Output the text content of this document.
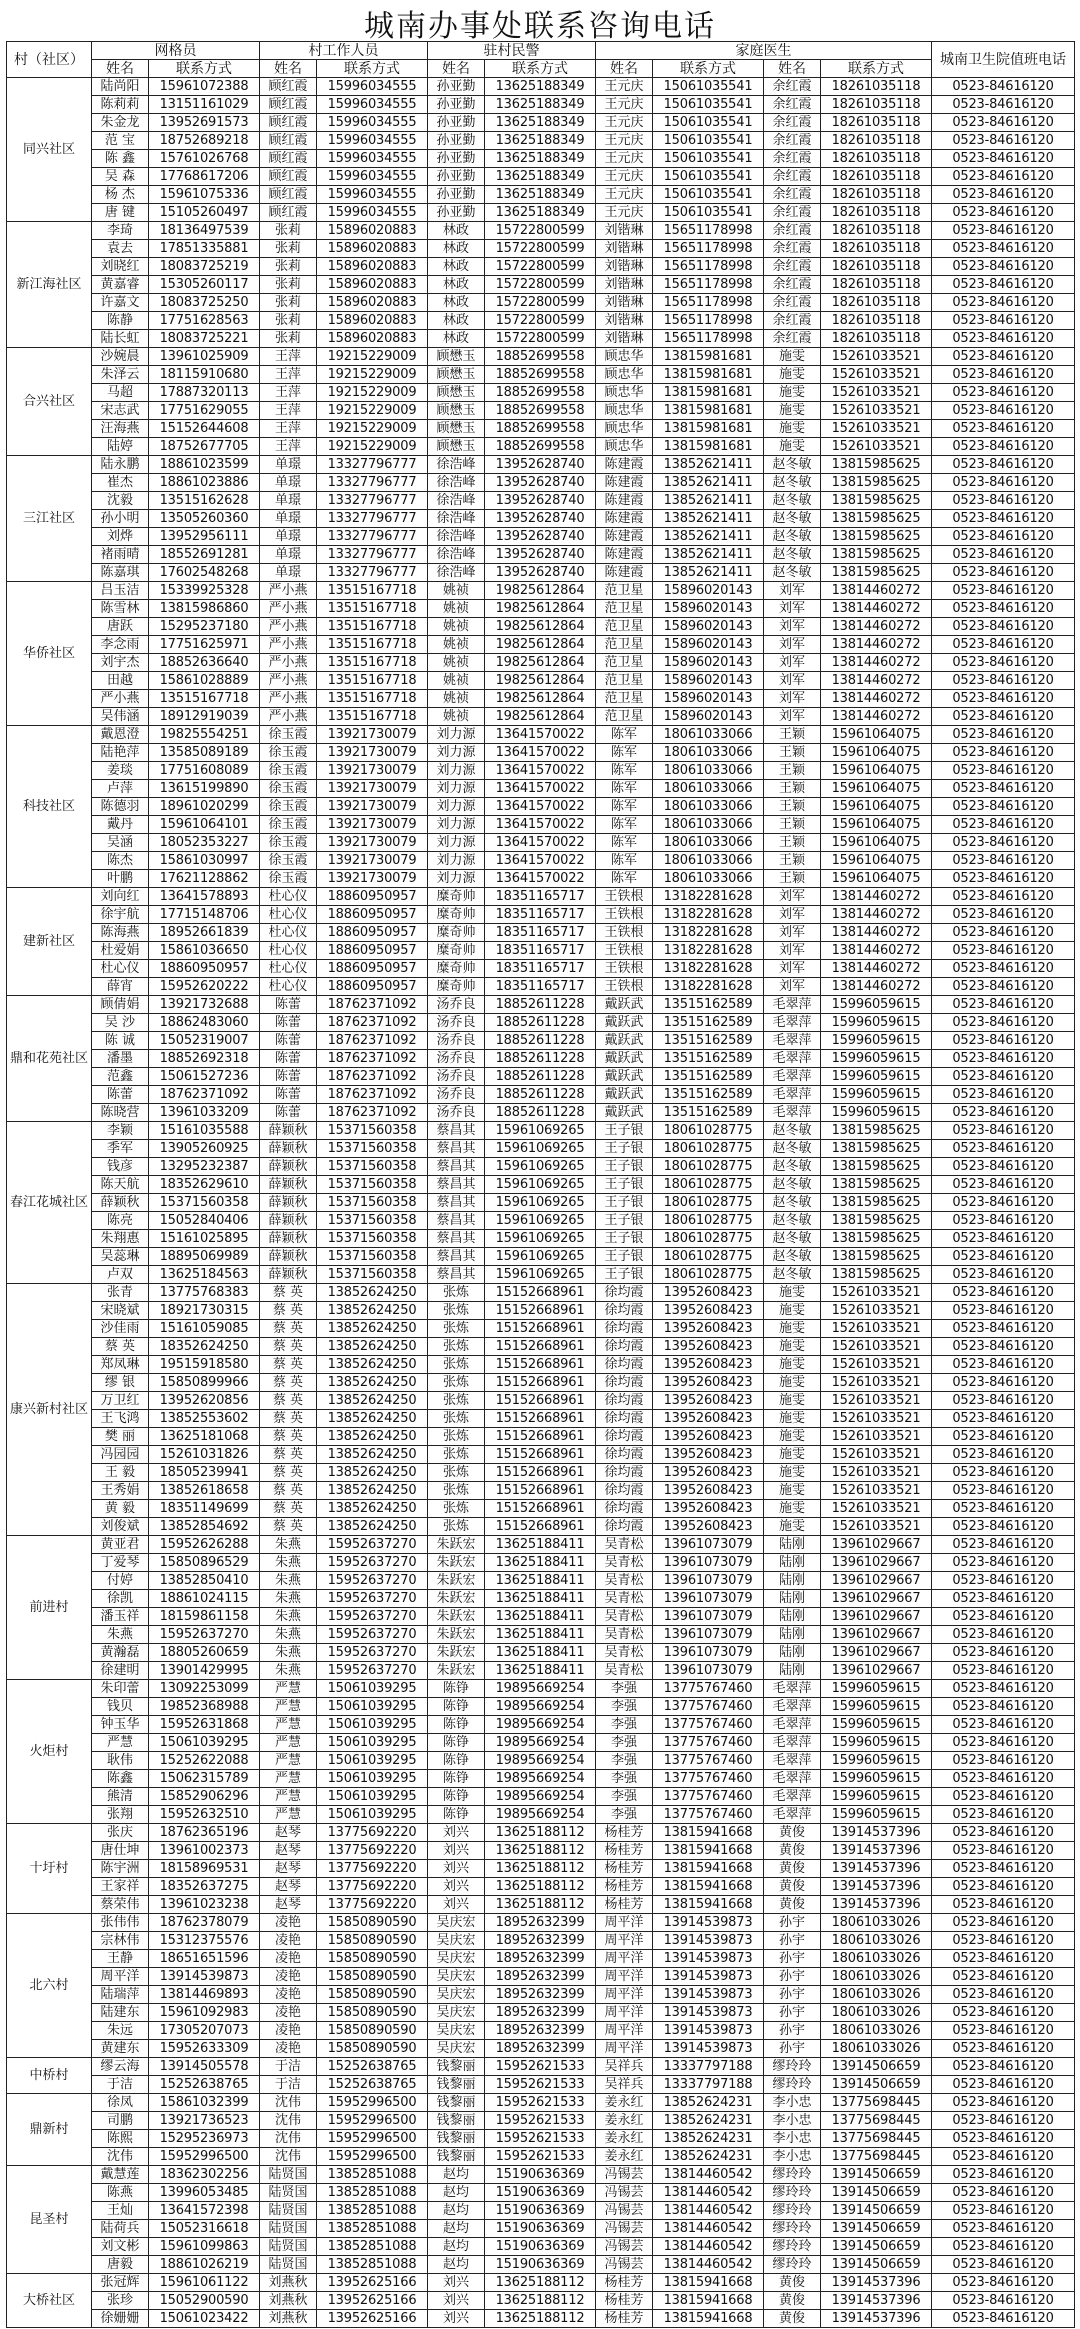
城南办事处联系咨询电话
村（社区）	网格员		村工作人员		驻村民警		家庭医生				城南卫生院值班电话
	姓名	联系方式	姓名	联系方式	姓名	联系方式	姓名	联系方式	姓名	联系方式	
同兴社区	陆尚阳	15961072388	顾红霞	15996034555	孙亚勤	13625188349	王元庆	15061035541	余红霞	18261035118	0523-84616120
	陈莉莉	13151161029	顾红霞	15996034555	孙亚勤	13625188349	王元庆	15061035541	余红霞	18261035118	0523-84616120
	朱金龙	13952691573	顾红霞	15996034555	孙亚勤	13625188349	王元庆	15061035541	余红霞	18261035118	0523-84616120
	范 宝	18752689218	顾红霞	15996034555	孙亚勤	13625188349	王元庆	15061035541	余红霞	18261035118	0523-84616120
	陈 鑫	15761026768	顾红霞	15996034555	孙亚勤	13625188349	王元庆	15061035541	余红霞	18261035118	0523-84616120
	吴 森	17768617206	顾红霞	15996034555	孙亚勤	13625188349	王元庆	15061035541	余红霞	18261035118	0523-84616120
	杨 杰	15961075336	顾红霞	15996034555	孙亚勤	13625188349	王元庆	15061035541	余红霞	18261035118	0523-84616120
	唐 键	15105260497	顾红霞	15996034555	孙亚勤	13625188349	王元庆	15061035541	余红霞	18261035118	0523-84616120
新江海社区	李琦	18136497539	张莉	15896020883	林政	15722800599	刘锴琳	15651178998	余红霞	18261035118	0523-84616120
	袁去	17851335881	张莉	15896020883	林政	15722800599	刘锴琳	15651178998	余红霞	18261035118	0523-84616120
	刘晓红	18083725219	张莉	15896020883	林政	15722800599	刘锴琳	15651178998	余红霞	18261035118	0523-84616120
	黄嘉睿	15305260117	张莉	15896020883	林政	15722800599	刘锴琳	15651178998	余红霞	18261035118	0523-84616120
	许嘉文	18083725250	张莉	15896020883	林政	15722800599	刘锴琳	15651178998	余红霞	18261035118	0523-84616120
	陈静	17751628563	张莉	15896020883	林政	15722800599	刘锴琳	15651178998	余红霞	18261035118	0523-84616120
	陆长虹	18083725221	张莉	15896020883	林政	15722800599	刘锴琳	15651178998	余红霞	18261035118	0523-84616120
合兴社区	沙婉晨	13961025909	王萍	19215229009	顾懋玉	18852699558	顾忠华	13815981681	施雯	15261033521	0523-84616120
	朱泽云	18115910680	王萍	19215229009	顾懋玉	18852699558	顾忠华	13815981681	施雯	15261033521	0523-84616120
	马超	17887320113	王萍	19215229009	顾懋玉	18852699558	顾忠华	13815981681	施雯	15261033521	0523-84616120
	宋志武	17751629055	王萍	19215229009	顾懋玉	18852699558	顾忠华	13815981681	施雯	15261033521	0523-84616120
	汪海燕	15152644608	王萍	19215229009	顾懋玉	18852699558	顾忠华	13815981681	施雯	15261033521	0523-84616120
	陆婷	18752677705	王萍	19215229009	顾懋玉	18852699558	顾忠华	13815981681	施雯	15261033521	0523-84616120
三江社区	陆永鹏	18861023599	单璟	13327796777	徐浩峰	13952628740	陈建霞	13852621411	赵冬敏	13815985625	0523-84616120
	崔杰	18861023886	单璟	13327796777	徐浩峰	13952628740	陈建霞	13852621411	赵冬敏	13815985625	0523-84616120
	沈毅	13515162628	单璟	13327796777	徐浩峰	13952628740	陈建霞	13852621411	赵冬敏	13815985625	0523-84616120
	孙小明	13505260360	单璟	13327796777	徐浩峰	13952628740	陈建霞	13852621411	赵冬敏	13815985625	0523-84616120
	刘烨	13952956111	单璟	13327796777	徐浩峰	13952628740	陈建霞	13852621411	赵冬敏	13815985625	0523-84616120
	褚雨晴	18552691281	单璟	13327796777	徐浩峰	13952628740	陈建霞	13852621411	赵冬敏	13815985625	0523-84616120
	陈嘉琪	17602548268	单璟	13327796777	徐浩峰	13952628740	陈建霞	13852621411	赵冬敏	13815985625	0523-84616120
华侨社区	吕玉洁	15339925328	严小燕	13515167718	姚祯	19825612864	范卫星	15896020143	刘军	13814460272	0523-84616120
	陈雪林	13815986860	严小燕	13515167718	姚祯	19825612864	范卫星	15896020143	刘军	13814460272	0523-84616120
	唐跃	15295237180	严小燕	13515167718	姚祯	19825612864	范卫星	15896020143	刘军	13814460272	0523-84616120
	李念雨	17751625971	严小燕	13515167718	姚祯	19825612864	范卫星	15896020143	刘军	13814460272	0523-84616120
	刘宇杰	18852636640	严小燕	13515167718	姚祯	19825612864	范卫星	15896020143	刘军	13814460272	0523-84616120
	田越	15861028889	严小燕	13515167718	姚祯	19825612864	范卫星	15896020143	刘军	13814460272	0523-84616120
	严小燕	13515167718	严小燕	13515167718	姚祯	19825612864	范卫星	15896020143	刘军	13814460272	0523-84616120
	吴伟涵	18912919039	严小燕	13515167718	姚祯	19825612864	范卫星	15896020143	刘军	13814460272	0523-84616120
科技社区	戴恩澄	19825554251	徐玉霞	13921730079	刘力源	13641570022	陈军	18061033066	王颖	15961064075	0523-84616120
	陆艳萍	13585089189	徐玉霞	13921730079	刘力源	13641570022	陈军	18061033066	王颖	15961064075	0523-84616120
	姜琰	17751608089	徐玉霞	13921730079	刘力源	13641570022	陈军	18061033066	王颖	15961064075	0523-84616120
	卢萍	13615199890	徐玉霞	13921730079	刘力源	13641570022	陈军	18061033066	王颖	15961064075	0523-84616120
	陈德羽	18961020299	徐玉霞	13921730079	刘力源	13641570022	陈军	18061033066	王颖	15961064075	0523-84616120
	戴丹	15961064101	徐玉霞	13921730079	刘力源	13641570022	陈军	18061033066	王颖	15961064075	0523-84616120
	吴涵	18052353227	徐玉霞	13921730079	刘力源	13641570022	陈军	18061033066	王颖	15961064075	0523-84616120
	陈杰	15861030997	徐玉霞	13921730079	刘力源	13641570022	陈军	18061033066	王颖	15961064075	0523-84616120
	叶鹏	17621128862	徐玉霞	13921730079	刘力源	13641570022	陈军	18061033066	王颖	15961064075	0523-84616120
建新社区	刘向红	13641578893	杜心仪	18860950957	糜奇帅	18351165717	王铁根	13182281628	刘军	13814460272	0523-84616120
	徐宇航	17715148706	杜心仪	18860950957	糜奇帅	18351165717	王铁根	13182281628	刘军	13814460272	0523-84616120
	陈海燕	18952661839	杜心仪	18860950957	糜奇帅	18351165717	王铁根	13182281628	刘军	13814460272	0523-84616120
	杜爱娟	15861036650	杜心仪	18860950957	糜奇帅	18351165717	王铁根	13182281628	刘军	13814460272	0523-84616120
	杜心仪	18860950957	杜心仪	18860950957	糜奇帅	18351165717	王铁根	13182281628	刘军	13814460272	0523-84616120
	薛宵	15952620222	杜心仪	18860950957	糜奇帅	18351165717	王铁根	13182281628	刘军	13814460272	0523-84616120
鼎和花苑社区	顾倩娟	13921732688	陈蕾	18762371092	汤乔良	18852611228	戴跃武	13515162589	毛翠萍	15996059615	0523-84616120
	吴 沙	18862483060	陈蕾	18762371092	汤乔良	18852611228	戴跃武	13515162589	毛翠萍	15996059615	0523-84616120
	陈 诚	15052319007	陈蕾	18762371092	汤乔良	18852611228	戴跃武	13515162589	毛翠萍	15996059615	0523-84616120
	潘墨	18852692318	陈蕾	18762371092	汤乔良	18852611228	戴跃武	13515162589	毛翠萍	15996059615	0523-84616120
	范鑫	15061527236	陈蕾	18762371092	汤乔良	18852611228	戴跃武	13515162589	毛翠萍	15996059615	0523-84616120
	陈蕾	18762371092	陈蕾	18762371092	汤乔良	18852611228	戴跃武	13515162589	毛翠萍	15996059615	0523-84616120
	陈晓营	13961033209	陈蕾	18762371092	汤乔良	18852611228	戴跃武	13515162589	毛翠萍	15996059615	0523-84616120
春江花城社区	李颖	15161035588	薛颖秋	15371560358	蔡昌其	15961069265	王子银	18061028775	赵冬敏	13815985625	0523-84616120
	季军	13905260925	薛颖秋	15371560358	蔡昌其	15961069265	王子银	18061028775	赵冬敏	13815985625	0523-84616120
	钱彦	13295232387	薛颖秋	15371560358	蔡昌其	15961069265	王子银	18061028775	赵冬敏	13815985625	0523-84616120
	陈天航	18352629610	薛颖秋	15371560358	蔡昌其	15961069265	王子银	18061028775	赵冬敏	13815985625	0523-84616120
	薛颖秋	15371560358	薛颖秋	15371560358	蔡昌其	15961069265	王子银	18061028775	赵冬敏	13815985625	0523-84616120
	陈亮	15052840406	薛颖秋	15371560358	蔡昌其	15961069265	王子银	18061028775	赵冬敏	13815985625	0523-84616120
	朱翔惠	15161025895	薛颖秋	15371560358	蔡昌其	15961069265	王子银	18061028775	赵冬敏	13815985625	0523-84616120
	吴蕊琳	18895069989	薛颖秋	15371560358	蔡昌其	15961069265	王子银	18061028775	赵冬敏	13815985625	0523-84616120
	卢双	13625184563	薛颖秋	15371560358	蔡昌其	15961069265	王子银	18061028775	赵冬敏	13815985625	0523-84616120
康兴新村社区	张青	13775768383	蔡 英	13852624250	张炼	15152668961	徐均霞	13952608423	施雯	15261033521	0523-84616120
	宋晓斌	18921730315	蔡 英	13852624250	张炼	15152668961	徐均霞	13952608423	施雯	15261033521	0523-84616120
	沙佳雨	15161059085	蔡 英	13852624250	张炼	15152668961	徐均霞	13952608423	施雯	15261033521	0523-84616120
	蔡 英	18352624250	蔡 英	13852624250	张炼	15152668961	徐均霞	13952608423	施雯	15261033521	0523-84616120
	郑凤琳	19515918580	蔡 英	13852624250	张炼	15152668961	徐均霞	13952608423	施雯	15261033521	0523-84616120
	缪 银	15850899966	蔡 英	13852624250	张炼	15152668961	徐均霞	13952608423	施雯	15261033521	0523-84616120
	万卫红	13952620856	蔡 英	13852624250	张炼	15152668961	徐均霞	13952608423	施雯	15261033521	0523-84616120
	王飞鸿	13852553602	蔡 英	13852624250	张炼	15152668961	徐均霞	13952608423	施雯	15261033521	0523-84616120
	樊 丽	13625181068	蔡 英	13852624250	张炼	15152668961	徐均霞	13952608423	施雯	15261033521	0523-84616120
	冯园园	15261031826	蔡 英	13852624250	张炼	15152668961	徐均霞	13952608423	施雯	15261033521	0523-84616120
	王 毅	18505239941	蔡 英	13852624250	张炼	15152668961	徐均霞	13952608423	施雯	15261033521	0523-84616120
	王秀娟	13852618658	蔡 英	13852624250	张炼	15152668961	徐均霞	13952608423	施雯	15261033521	0523-84616120
	黄 毅	18351149699	蔡 英	13852624250	张炼	15152668961	徐均霞	13952608423	施雯	15261033521	0523-84616120
	刘俊斌	13852854692	蔡 英	13852624250	张炼	15152668961	徐均霞	13952608423	施雯	15261033521	0523-84616120
前进村	黄亚君	15952626288	朱燕	15952637270	朱跃宏	13625188411	吴青松	13961073079	陆刚	13961029667	0523-84616120
	丁爱琴	15850896529	朱燕	15952637270	朱跃宏	13625188411	吴青松	13961073079	陆刚	13961029667	0523-84616120
	付婷	13852850410	朱燕	15952637270	朱跃宏	13625188411	吴青松	13961073079	陆刚	13961029667	0523-84616120
	徐凯	18861024115	朱燕	15952637270	朱跃宏	13625188411	吴青松	13961073079	陆刚	13961029667	0523-84616120
	潘玉祥	18159861158	朱燕	15952637270	朱跃宏	13625188411	吴青松	13961073079	陆刚	13961029667	0523-84616120
	朱燕	15952637270	朱燕	15952637270	朱跃宏	13625188411	吴青松	13961073079	陆刚	13961029667	0523-84616120
	黄瀚磊	18805260659	朱燕	15952637270	朱跃宏	13625188411	吴青松	13961073079	陆刚	13961029667	0523-84616120
	徐建明	13901429995	朱燕	15952637270	朱跃宏	13625188411	吴青松	13961073079	陆刚	13961029667	0523-84616120
火炬村	朱印蕾	13092253099	严慧	15061039295	陈铮	19895669254	李强	13775767460	毛翠萍	15996059615	0523-84616120
	钱贝	19852368988	严慧	15061039295	陈铮	19895669254	李强	13775767460	毛翠萍	15996059615	0523-84616120
	钟玉华	15952631868	严慧	15061039295	陈铮	19895669254	李强	13775767460	毛翠萍	15996059615	0523-84616120
	严慧	15061039295	严慧	15061039295	陈铮	19895669254	李强	13775767460	毛翠萍	15996059615	0523-84616120
	耿伟	15252622088	严慧	15061039295	陈铮	19895669254	李强	13775767460	毛翠萍	15996059615	0523-84616120
	陈鑫	15062315789	严慧	15061039295	陈铮	19895669254	李强	13775767460	毛翠萍	15996059615	0523-84616120
	熊清	15852906296	严慧	15061039295	陈铮	19895669254	李强	13775767460	毛翠萍	15996059615	0523-84616120
	张翔	15952632510	严慧	15061039295	陈铮	19895669254	李强	13775767460	毛翠萍	15996059615	0523-84616120
十圩村	张庆	18762365196	赵琴	13775692220	刘兴	13625188112	杨桂芳	13815941668	黄俊	13914537396	0523-84616120
	唐仕坤	13961002373	赵琴	13775692220	刘兴	13625188112	杨桂芳	13815941668	黄俊	13914537396	0523-84616120
	陈宇洲	18158969531	赵琴	13775692220	刘兴	13625188112	杨桂芳	13815941668	黄俊	13914537396	0523-84616120
	王家祥	18352637275	赵琴	13775692220	刘兴	13625188112	杨桂芳	13815941668	黄俊	13914537396	0523-84616120
	蔡荣伟	13961023238	赵琴	13775692220	刘兴	13625188112	杨桂芳	13815941668	黄俊	13914537396	0523-84616120
北六村	张伟伟	18762378079	凌艳	15850890590	吴庆宏	18952632399	周平洋	13914539873	孙宇	18061033026	0523-84616120
	宗林伟	15312375576	凌艳	15850890590	吴庆宏	18952632399	周平洋	13914539873	孙宇	18061033026	0523-84616120
	王静	18651651596	凌艳	15850890590	吴庆宏	18952632399	周平洋	13914539873	孙宇	18061033026	0523-84616120
	周平洋	13914539873	凌艳	15850890590	吴庆宏	18952632399	周平洋	13914539873	孙宇	18061033026	0523-84616120
	陆瑞萍	13814469893	凌艳	15850890590	吴庆宏	18952632399	周平洋	13914539873	孙宇	18061033026	0523-84616120
	陆建东	15961092983	凌艳	15850890590	吴庆宏	18952632399	周平洋	13914539873	孙宇	18061033026	0523-84616120
	朱远	17305207073	凌艳	15850890590	吴庆宏	18952632399	周平洋	13914539873	孙宇	18061033026	0523-84616120
	黄建东	15952633309	凌艳	15850890590	吴庆宏	18952632399	周平洋	13914539873	孙宇	18061033026	0523-84616120
中桥村	缪云海	13914505578	于洁	15252638765	钱黎丽	15952621533	吴祥兵	13337797188	缪玲玲	13914506659	0523-84616120
	于洁	15252638765	于洁	15252638765	钱黎丽	15952621533	吴祥兵	13337797188	缪玲玲	13914506659	0523-84616120
鼎新村	徐凤	15861032399	沈伟	15952996500	钱黎丽	15952621533	姜永红	13852624231	李小忠	13775698445	0523-84616120
	司鹏	13921736523	沈伟	15952996500	钱黎丽	15952621533	姜永红	13852624231	李小忠	13775698445	0523-84616120
	陈熙	15295236973	沈伟	15952996500	钱黎丽	15952621533	姜永红	13852624231	李小忠	13775698445	0523-84616120
	沈伟	15952996500	沈伟	15952996500	钱黎丽	15952621533	姜永红	13852624231	李小忠	13775698445	0523-84616120
昆圣村	戴慧莲	18362302256	陆贤国	13852851088	赵均	15190636369	冯锡芸	13814460542	缪玲玲	13914506659	0523-84616120
	陈燕	13996053485	陆贤国	13852851088	赵均	15190636369	冯锡芸	13814460542	缪玲玲	13914506659	0523-84616120
	王灿	13641572398	陆贤国	13852851088	赵均	15190636369	冯锡芸	13814460542	缪玲玲	13914506659	0523-84616120
	陆荷兵	15052316618	陆贤国	13852851088	赵均	15190636369	冯锡芸	13814460542	缪玲玲	13914506659	0523-84616120
	刘文彬	15961099863	陆贤国	13852851088	赵均	15190636369	冯锡芸	13814460542	缪玲玲	13914506659	0523-84616120
	唐毅	18861026219	陆贤国	13852851088	赵均	15190636369	冯锡芸	13814460542	缪玲玲	13914506659	0523-84616120
大桥社区	张冠辉	15961061122	刘燕秋	13952625166	刘兴	13625188112	杨桂芳	13815941668	黄俊	13914537396	0523-84616120
	张珍	15052900590	刘燕秋	13952625166	刘兴	13625188112	杨桂芳	13815941668	黄俊	13914537396	0523-84616120
	徐姗姗	15061023422	刘燕秋	13952625166	刘兴	13625188112	杨桂芳	13815941668	黄俊	13914537396	0523-84616120
